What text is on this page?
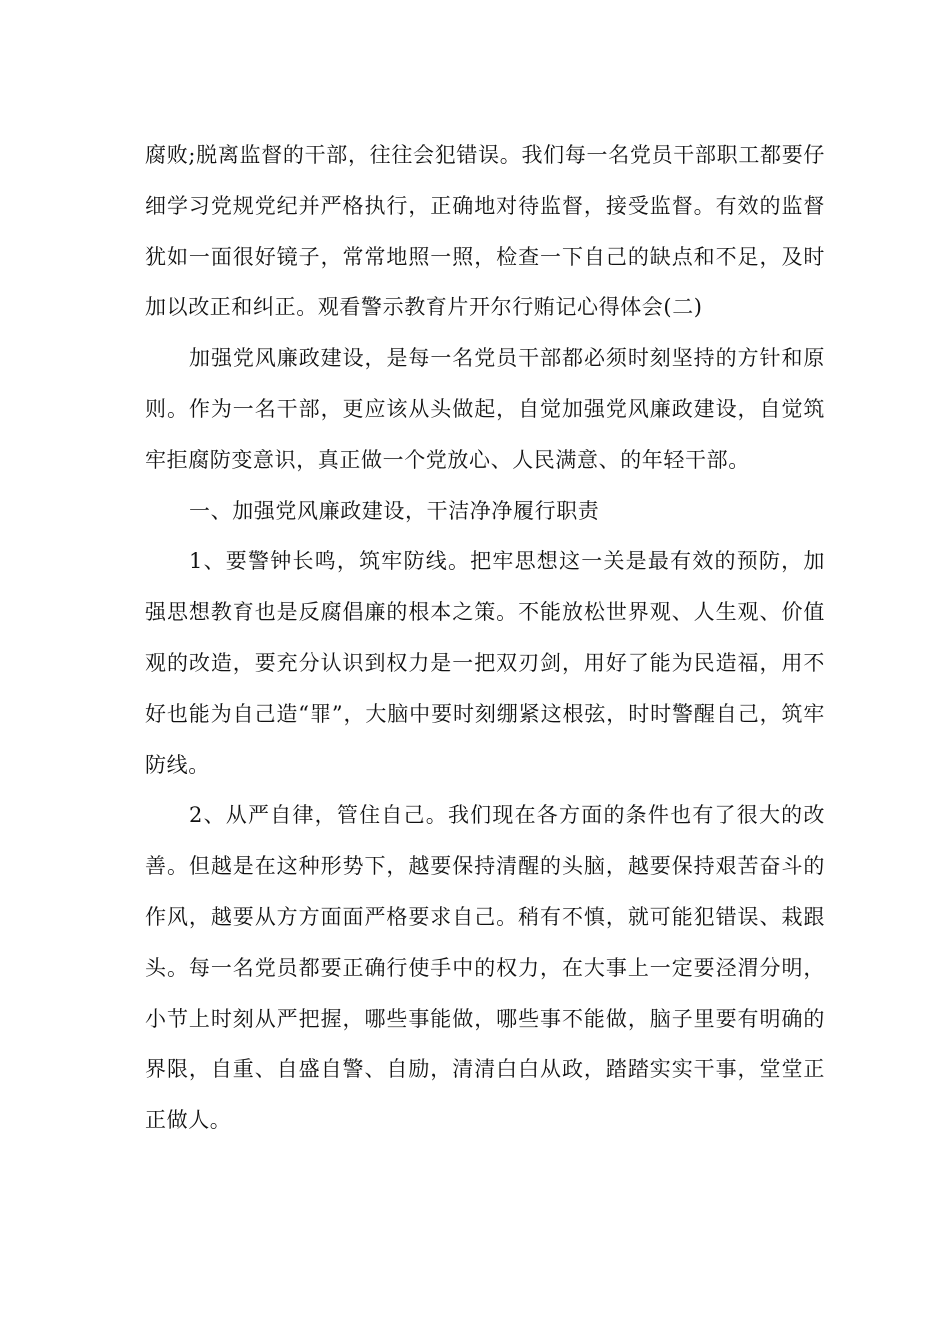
腐败;脱离监督的干部，往往会犯错误。我们每一名党员干部职工都要仔细学习党规党纪并严格执行，正确地对待监督，接受监督。有效的监督犹如一面很好镜子，常常地照一照，检查一下自己的缺点和不足，及时加以改正和纠正。观看警示教育片开尔行贿记心得体会(二)

加强党风廉政建设，是每一名党员干部都必须时刻坚持的方针和原则。作为一名干部，更应该从头做起，自觉加强党风廉政建设，自觉筑牢拒腐防变意识，真正做一个党放心、人民满意、的年轻干部。

一、加强党风廉政建设，干洁净净履行职责

1、要警钟长鸣，筑牢防线。把牢思想这一关是最有效的预防，加强思想教育也是反腐倡廉的根本之策。不能放松世界观、人生观、价值观的改造，要充分认识到权力是一把双刃剑，用好了能为民造福，用不好也能为自己造“罪”，大脑中要时刻绷紧这根弦，时时警醒自己，筑牢防线。

2、从严自律，管住自己。我们现在各方面的条件也有了很大的改善。但越是在这种形势下，越要保持清醒的头脑，越要保持艰苦奋斗的作风，越要从方方面面严格要求自己。稍有不慎，就可能犯错误、栽跟头。每一名党员都要正确行使手中的权力，在大事上一定要泾渭分明，小节上时刻从严把握，哪些事能做，哪些事不能做，脑子里要有明确的界限，自重、自盛自警、自励，清清白白从政，踏踏实实干事，堂堂正正做人。
